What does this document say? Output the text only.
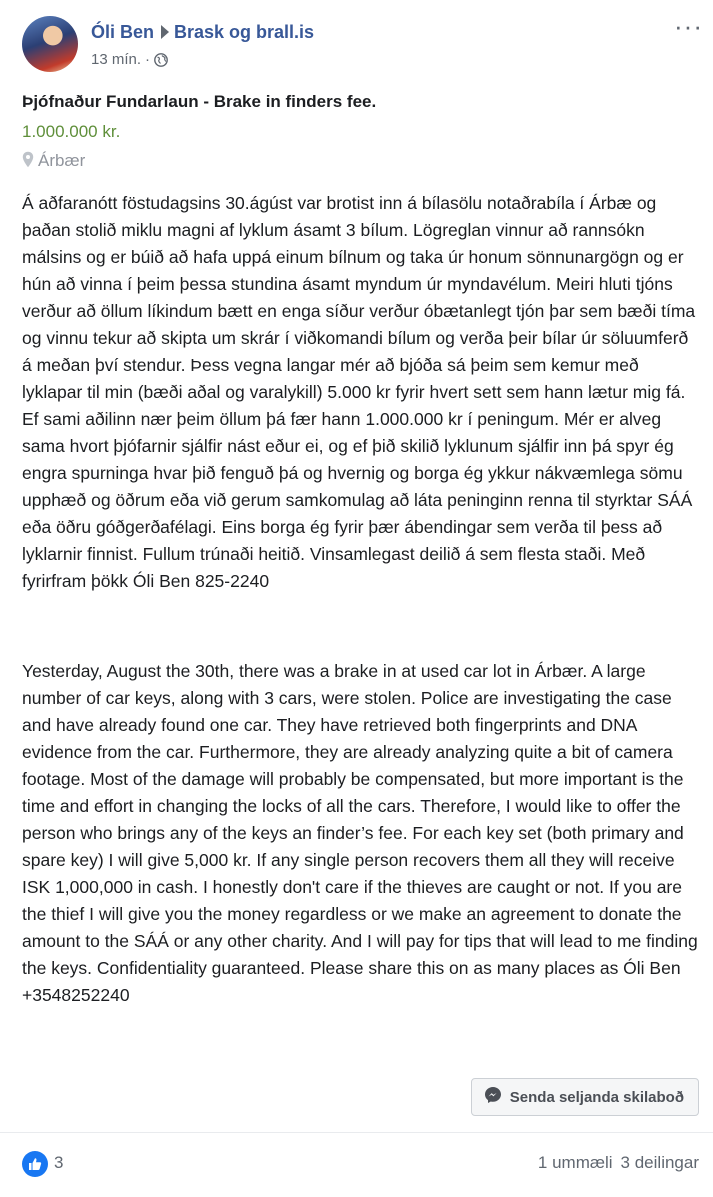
Óli Ben Brask og brall.is
13 mín. ·
···
Þjófnaður Fundarlaun - Brake in finders fee.
1.000.000 kr.
Árbær
Á aðfaranótt föstudagsins 30.ágúst var brotist inn á bílasölu notaðrabíla í Árbæ og þaðan stolið miklu magni af lyklum ásamt 3 bílum. Lögreglan vinnur að rannsókn málsins og er búið að hafa uppá einum bílnum og taka úr honum sönnunargögn og er hún að vinna í þeim þessa stundina ásamt myndum úr myndavélum. Meiri hluti tjóns verður að öllum líkindum bætt en enga síður verður óbætanlegt tjón þar sem bæði tíma og vinnu tekur að skipta um skrár í viðkomandi bílum og verða þeir bílar úr söluumferð á meðan því stendur. Þess vegna langar mér að bjóða sá þeim sem kemur með lyklapar til min (bæði aðal og varalykill) 5.000 kr fyrir hvert sett sem hann lætur mig fá. Ef sami aðilinn nær þeim öllum þá fær hann 1.000.000 kr í peningum. Mér er alveg sama hvort þjófarnir sjálfir nást eður ei, og ef þið skilið lyklunum sjálfir inn þá spyr ég engra spurninga hvar þið fenguð þá og hvernig og borga ég ykkur nákvæmlega sömu upphæð og öðrum eða við gerum samkomulag að láta peninginn renna til styrktar SÁÁ eða öðru góðgerðafélagi. Eins borga ég fyrir þær ábendingar sem verða til þess að lyklarnir finnist. Fullum trúnaði heitið. Vinsamlegast deilið á sem flesta staði. Með fyrirfram þökk Óli Ben 825-2240
Yesterday, August the 30th, there was a brake in at used car lot in Árbær. A large number of car keys, along with 3 cars, were stolen. Police are investigating the case and have already found one car. They have retrieved both fingerprints and DNA evidence from the car. Furthermore, they are already analyzing quite a bit of camera footage. Most of the damage will probably be compensated, but more important is the time and effort in changing the locks of all the cars. Therefore, I would like to offer the person who brings any of the keys an finder’s fee. For each key set (both primary and spare key) I will give 5,000 kr. If any single person recovers them all they will receive ISK 1,000,000 in cash. I honestly don't care if the thieves are caught or not. If you are the thief I will give you the money regardless or we make an agreement to donate the amount to the SÁÁ or any other charity. And I will pay for tips that will lead to me finding the keys. Confidentiality guaranteed. Please share this on as many places as Óli Ben +3548252240
Senda seljanda skilaboð
3	1 ummæli 3 deilingar
